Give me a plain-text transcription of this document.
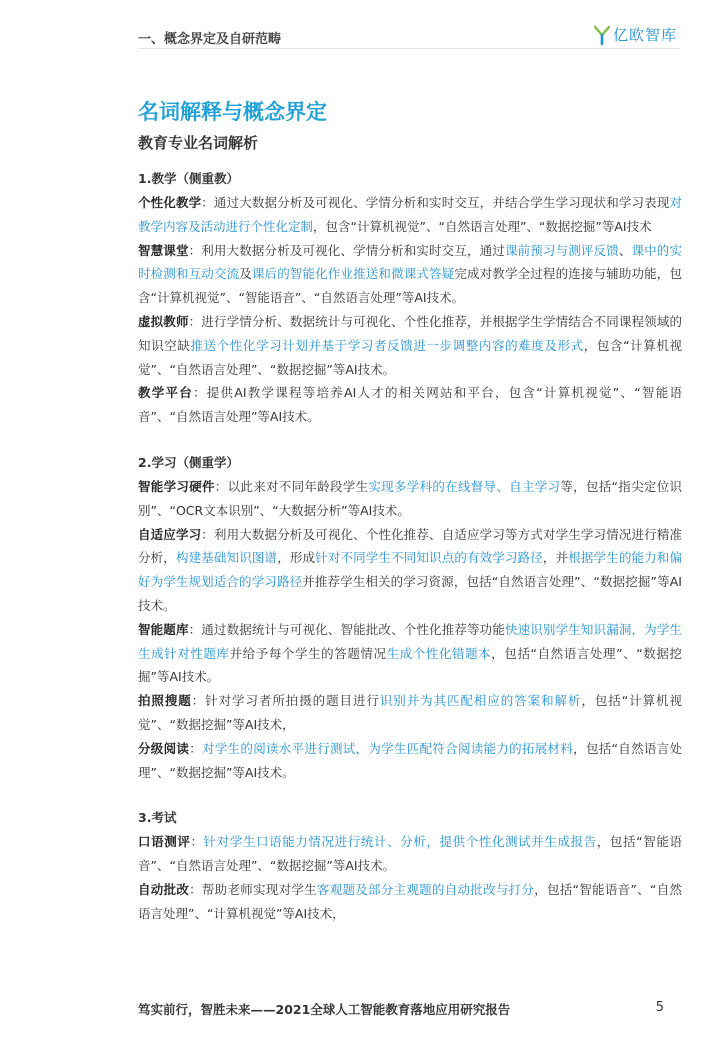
一、概念界定及自研范畴	亿欧智库
名词解释与概念界定
教育专业名词解析
1.教学（侧重教）

个性化教学：通过大数据分析及可视化、学情分析和实时交互，并结合学生学习现状和学习表现对教学内容及活动进行个性化定制，包含“计算机视觉”、“自然语言处理”、“数据挖掘”等AI技术

智慧课堂：利用大数据分析及可视化、学情分析和实时交互，通过课前预习与测评反馈、课中的实时检测和互动交流及课后的智能化作业推送和微课式答疑完成对教学全过程的连接与辅助功能，包含“计算机视觉”、“智能语音”、“自然语言处理”等AI技术。

虚拟教师：进行学情分析、数据统计与可视化、个性化推荐，并根据学生学情结合不同课程领域的知识空缺推送个性化学习计划并基于学习者反馈进一步调整内容的难度及形式，包含“计算机视觉”、“自然语言处理”、“数据挖掘”等AI技术。

教学平台：提供AI教学课程等培养AI人才的相关网站和平台，包含“计算机视觉”、“智能语音”、“自然语言处理”等AI技术。

2.学习（侧重学）

智能学习硬件：以此来对不同年龄段学生实现多学科的在线督导、自主学习等，包括“指尖定位识别”、“OCR文本识别”、“大数据分析”等AI技术。

自适应学习：利用大数据分析及可视化、个性化推荐、自适应学习等方式对学生学习情况进行精准分析，构建基础知识图谱，形成针对不同学生不同知识点的有效学习路径，并根据学生的能力和偏好为学生规划适合的学习路径并推荐学生相关的学习资源，包括“自然语言处理”、“数据挖掘”等AI技术。

智能题库：通过数据统计与可视化、智能批改、个性化推荐等功能快速识别学生知识漏洞，为学生生成针对性题库并给予每个学生的答题情况生成个性化错题本，包括“自然语言处理”、“数据挖掘”等AI技术。

拍照搜题：针对学习者所拍摄的题目进行识别并为其匹配相应的答案和解析，包括“计算机视觉”、“数据挖掘”等AI技术，

分级阅读：对学生的阅读水平进行测试，为学生匹配符合阅读能力的拓展材料，包括“自然语言处理”、“数据挖掘”等AI技术。

3.考试

口语测评：针对学生口语能力情况进行统计、分析，提供个性化测试并生成报告，包括“智能语音”、“自然语言处理”、“数据挖掘”等AI技术。

自动批改：帮助老师实现对学生客观题及部分主观题的自动批改与打分，包括“智能语音”、“自然语言处理”、“计算机视觉”等AI技术，

笃实前行，智胜未来——2021全球人工智能教育落地应用研究报告	5
